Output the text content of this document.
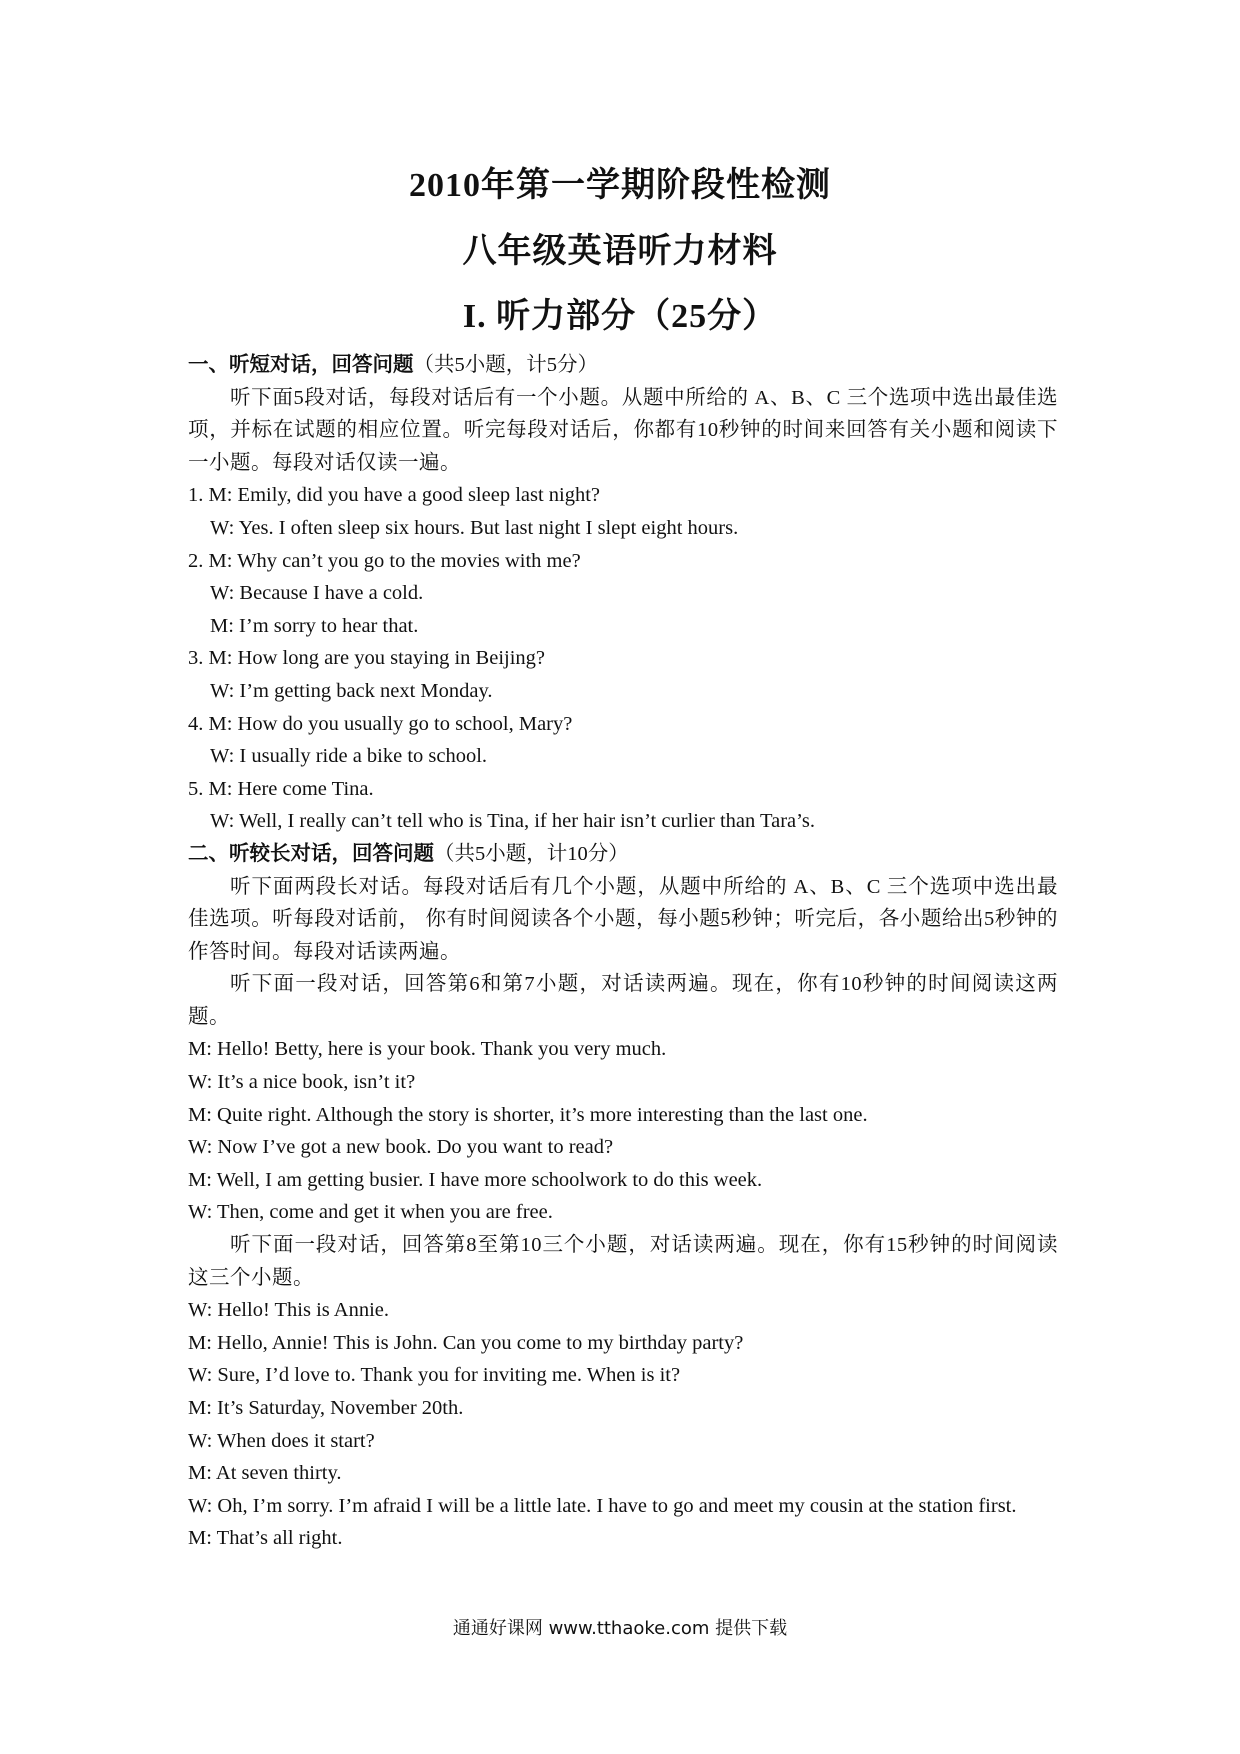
2010年第一学期阶段性检测
八年级英语听力材料
I. 听力部分（25分）
一、听短对话，回答问题（共5小题，计5分）
听下面5段对话，每段对话后有一个小题。从题中所给的 A、B、C 三个选项中选出最佳选项，并标在试题的相应位置。听完每段对话后，你都有10秒钟的时间来回答有关小题和阅读下一小题。每段对话仅读一遍。
1. M: Emily, did you have a good sleep last night?
W: Yes. I often sleep six hours. But last night I slept eight hours.
2. M: Why can’t you go to the movies with me?
W: Because I have a cold.
M: I’m sorry to hear that.
3. M: How long are you staying in Beijing?
W: I’m getting back next Monday.
4. M: How do you usually go to school, Mary?
W: I usually ride a bike to school.
5. M: Here come Tina.
W: Well, I really can’t tell who is Tina, if her hair isn’t curlier than Tara’s.
二、听较长对话，回答问题（共5小题，计10分）
听下面两段长对话。每段对话后有几个小题，从题中所给的 A、B、C 三个选项中选出最佳选项。听每段对话前， 你有时间阅读各个小题，每小题5秒钟；听完后，各小题给出5秒钟的作答时间。每段对话读两遍。
听下面一段对话，回答第6和第7小题，对话读两遍。现在，你有10秒钟的时间阅读这两题。
M: Hello! Betty, here is your book. Thank you very much.
W: It’s a nice book, isn’t it?
M: Quite right. Although the story is shorter, it’s more interesting than the last one.
W: Now I’ve got a new book. Do you want to read?
M: Well, I am getting busier. I have more schoolwork to do this week.
W: Then, come and get it when you are free.
听下面一段对话，回答第8至第10三个小题，对话读两遍。现在，你有15秒钟的时间阅读这三个小题。
W: Hello! This is Annie.
M: Hello, Annie! This is John. Can you come to my birthday party?
W: Sure, I’d love to. Thank you for inviting me. When is it?
M: It’s Saturday, November 20th.
W: When does it start?
M: At seven thirty.
W: Oh, I’m sorry. I’m afraid I will be a little late. I have to go and meet my cousin at the station first.
M: That’s all right.
通通好课网 www.tthaoke.com 提供下载
